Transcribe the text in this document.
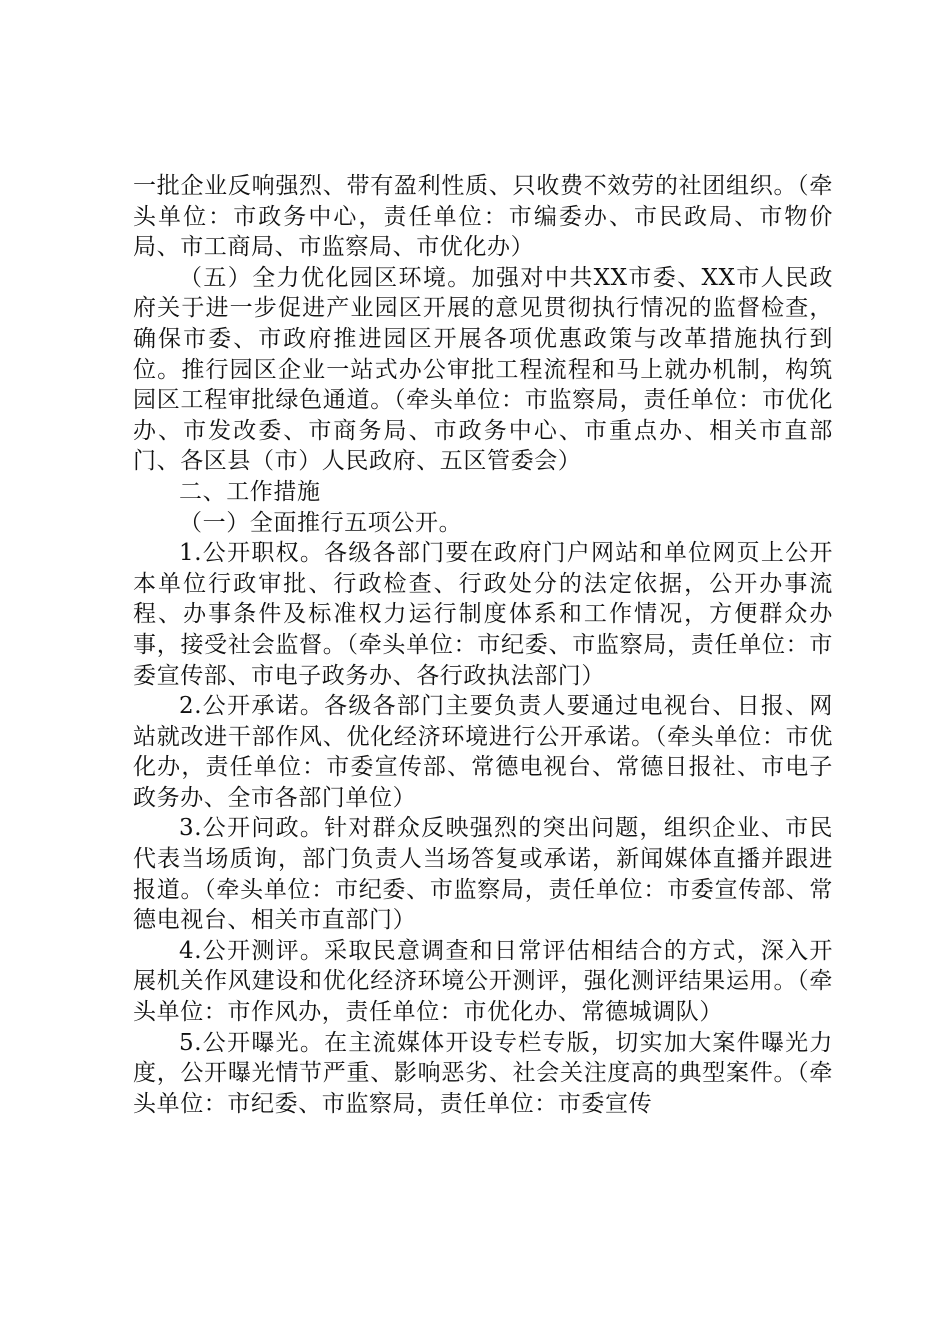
一批企业反响强烈、带有盈利性质、只收费不效劳的社团组织。（牵头单位：市政务中心，责任单位：市编委办、市民政局、市物价局、市工商局、市监察局、市优化办）

（五）全力优化园区环境。加强对中共XX市委、XX市人民政府关于进一步促进产业园区开展的意见贯彻执行情况的监督检查，确保市委、市政府推进园区开展各项优惠政策与改革措施执行到位。推行园区企业一站式办公审批工程流程和马上就办机制，构筑园区工程审批绿色通道。（牵头单位：市监察局，责任单位：市优化办、市发改委、市商务局、市政务中心、市重点办、相关市直部门、各区县（市）人民政府、五区管委会）

二、工作措施

（一）全面推行五项公开。

1.公开职权。各级各部门要在政府门户网站和单位网页上公开本单位行政审批、行政检查、行政处分的法定依据，公开办事流程、办事条件及标准权力运行制度体系和工作情况，方便群众办事，接受社会监督。（牵头单位：市纪委、市监察局，责任单位：市委宣传部、市电子政务办、各行政执法部门）

2.公开承诺。各级各部门主要负责人要通过电视台、日报、网站就改进干部作风、优化经济环境进行公开承诺。（牵头单位：市优化办，责任单位：市委宣传部、常德电视台、常德日报社、市电子政务办、全市各部门单位）

3.公开问政。针对群众反映强烈的突出问题，组织企业、市民代表当场质询，部门负责人当场答复或承诺，新闻媒体直播并跟进报道。（牵头单位：市纪委、市监察局，责任单位：市委宣传部、常德电视台、相关市直部门）

4.公开测评。采取民意调查和日常评估相结合的方式，深入开展机关作风建设和优化经济环境公开测评，强化测评结果运用。（牵头单位：市作风办，责任单位：市优化办、常德城调队）

5.公开曝光。在主流媒体开设专栏专版，切实加大案件曝光力度，公开曝光情节严重、影响恶劣、社会关注度高的典型案件。（牵头单位：市纪委、市监察局，责任单位：市委宣传
